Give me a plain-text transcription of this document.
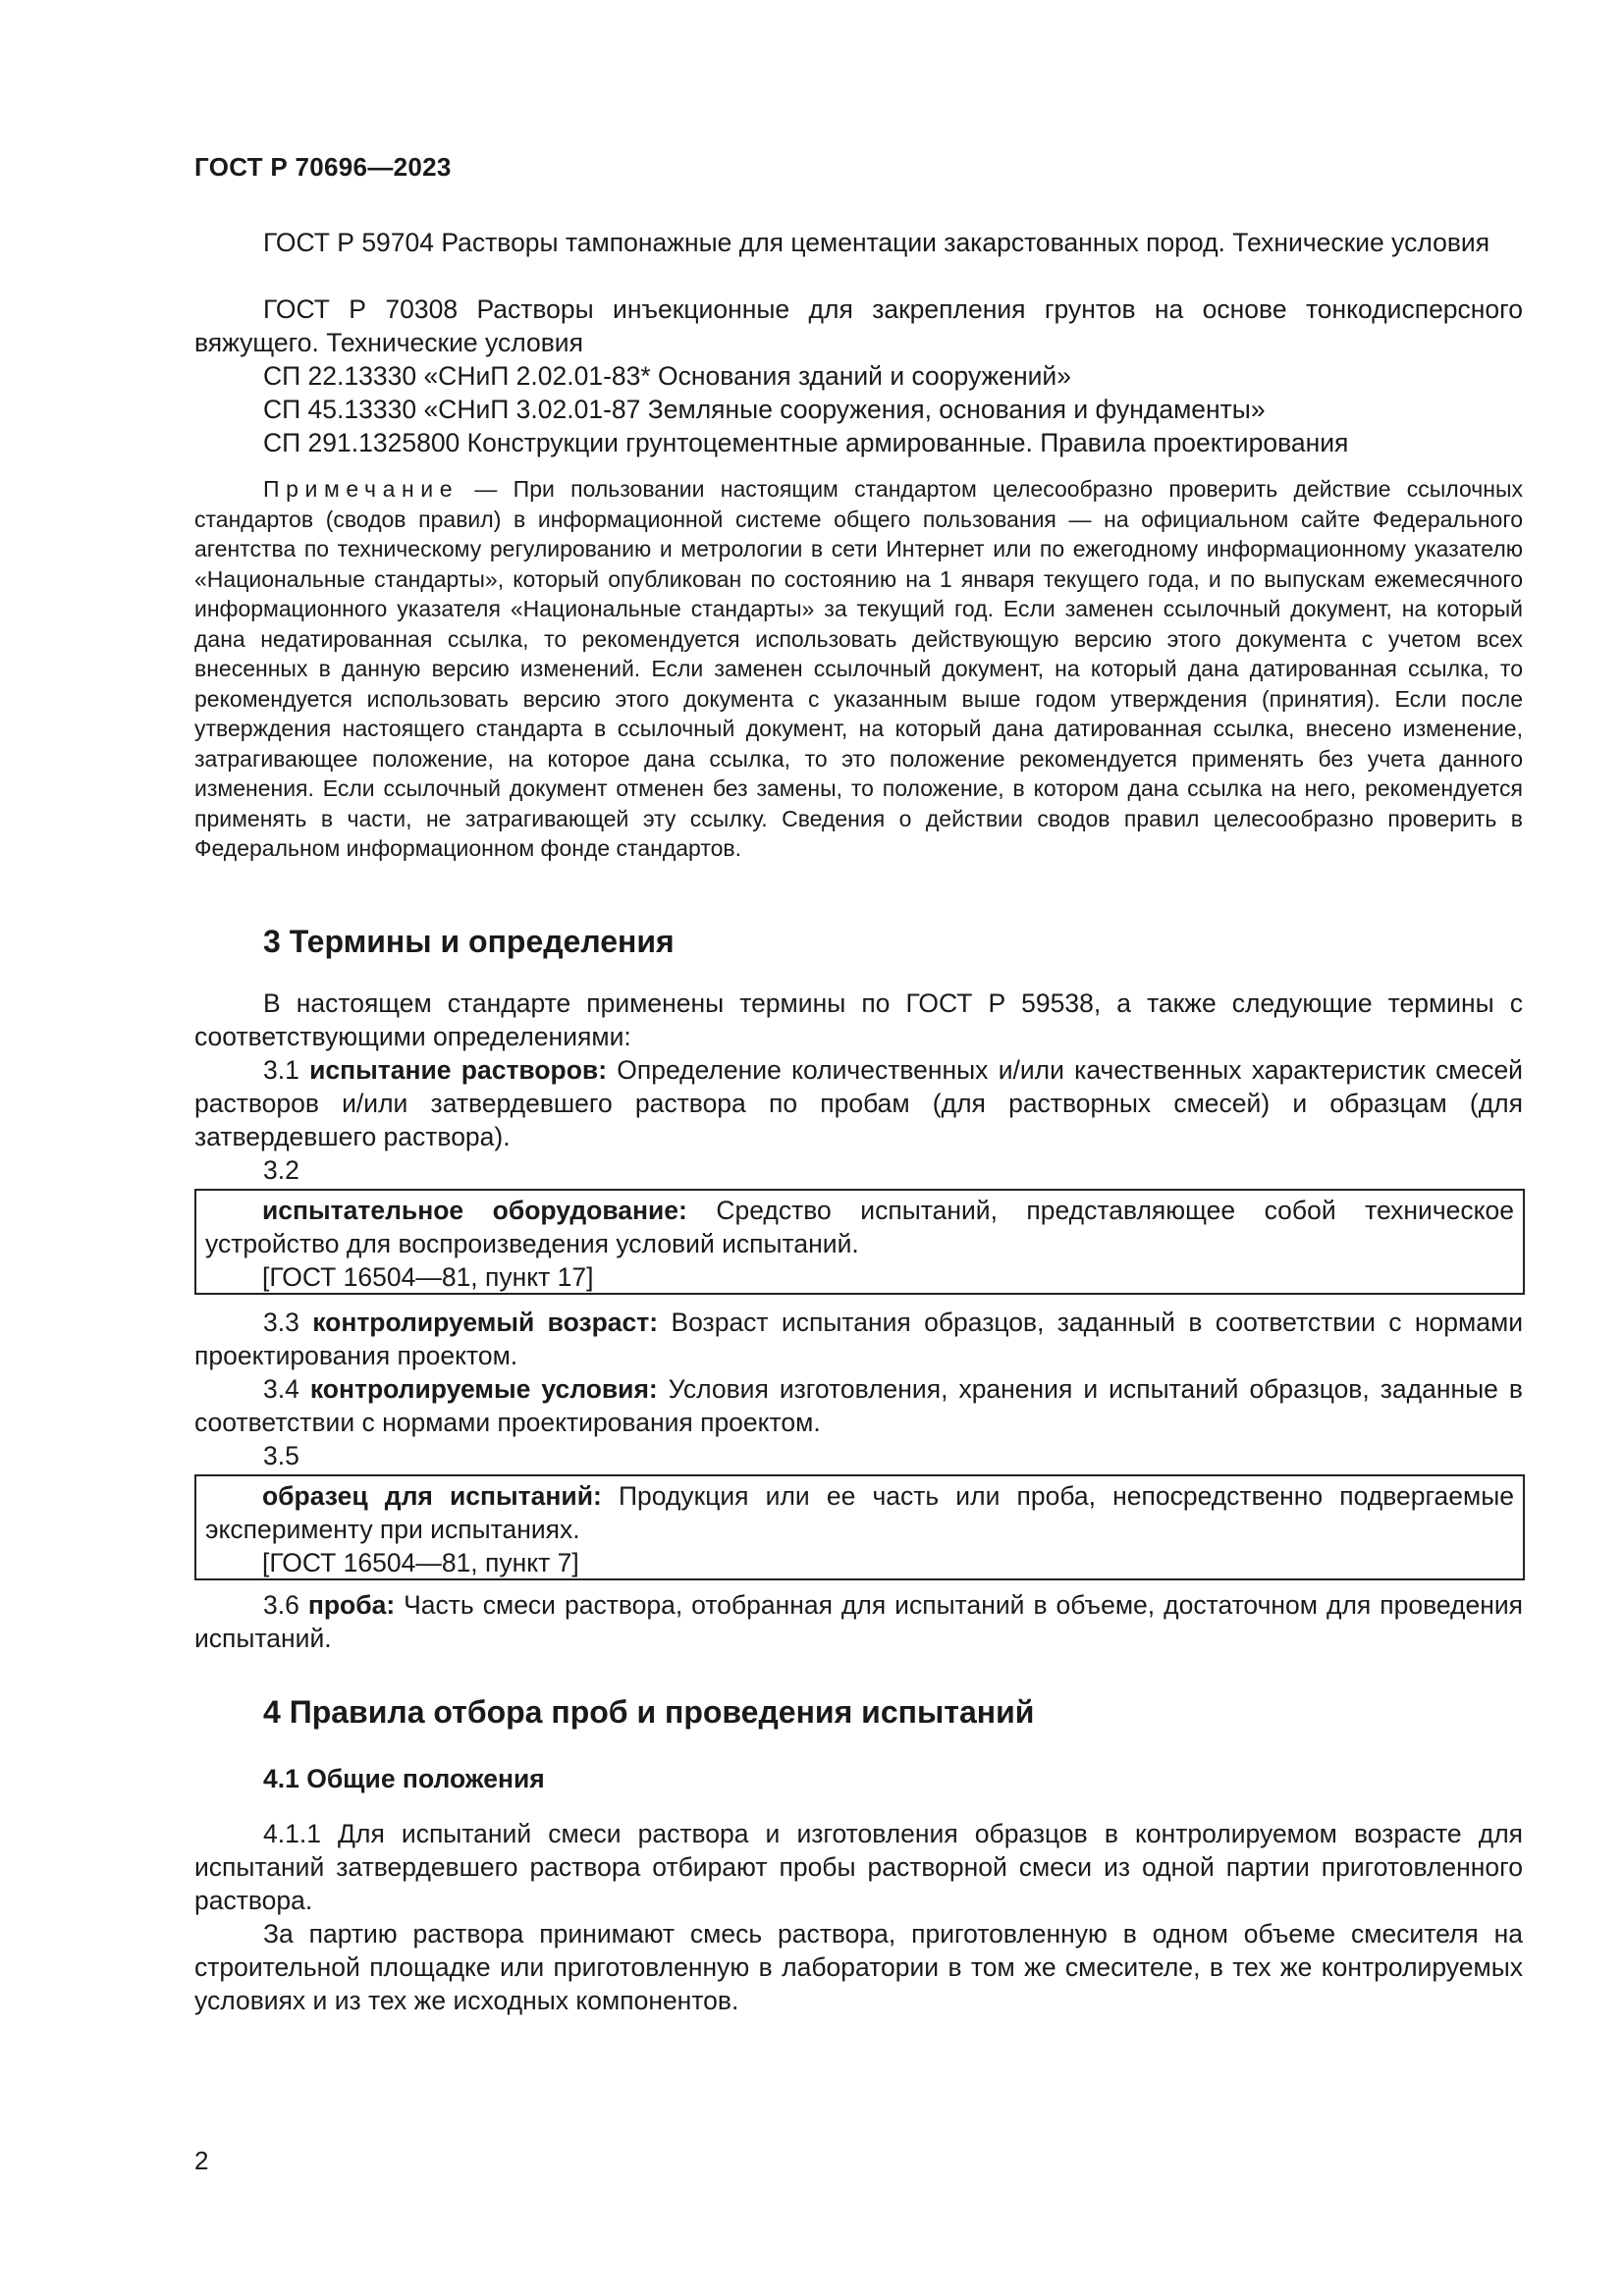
ГОСТ Р 70696—2023
ГОСТ Р 59704 Растворы тампонажные для цементации закарстованных пород. Технические условия
ГОСТ Р 70308 Растворы инъекционные для закрепления грунтов на основе тонкодисперсного вяжущего. Технические условия
СП 22.13330 «СНиП 2.02.01-83* Основания зданий и сооружений»
СП 45.13330 «СНиП 3.02.01-87 Земляные сооружения, основания и фундаменты»
СП 291.1325800 Конструкции грунтоцементные армированные. Правила проектирования
Примечание — При пользовании настоящим стандартом целесообразно проверить действие ссылочных стандартов (сводов правил) в информационной системе общего пользования — на официальном сайте Федерального агентства по техническому регулированию и метрологии в сети Интернет или по ежегодному информационному указателю «Национальные стандарты», который опубликован по состоянию на 1 января текущего года, и по выпускам ежемесячного информационного указателя «Национальные стандарты» за текущий год. Если заменен ссылочный документ, на который дана недатированная ссылка, то рекомендуется использовать действующую версию этого документа с учетом всех внесенных в данную версию изменений. Если заменен ссылочный документ, на который дана датированная ссылка, то рекомендуется использовать версию этого документа с указанным выше годом утверждения (принятия). Если после утверждения настоящего стандарта в ссылочный документ, на который дана датированная ссылка, внесено изменение, затрагивающее положение, на которое дана ссылка, то это положение рекомендуется применять без учета данного изменения. Если ссылочный документ отменен без замены, то положение, в котором дана ссылка на него, рекомендуется применять в части, не затрагивающей эту ссылку. Сведения о действии сводов правил целесообразно проверить в Федеральном информационном фонде стандартов.
3 Термины и определения
В настоящем стандарте применены термины по ГОСТ Р 59538, а также следующие термины с соответствующими определениями:
3.1 испытание растворов: Определение количественных и/или качественных характеристик смесей растворов и/или затвердевшего раствора по пробам (для растворных смесей) и образцам (для затвердевшего раствора).
3.2
испытательное оборудование: Средство испытаний, представляющее собой техническое устройство для воспроизведения условий испытаний.
[ГОСТ 16504—81, пункт 17]
3.3 контролируемый возраст: Возраст испытания образцов, заданный в соответствии с нормами проектирования проектом.
3.4 контролируемые условия: Условия изготовления, хранения и испытаний образцов, заданные в соответствии с нормами проектирования проектом.
3.5
образец для испытаний: Продукция или ее часть или проба, непосредственно подвергаемые эксперименту при испытаниях.
[ГОСТ 16504—81, пункт 7]
3.6 проба: Часть смеси раствора, отобранная для испытаний в объеме, достаточном для проведения испытаний.
4 Правила отбора проб и проведения испытаний
4.1 Общие положения
4.1.1 Для испытаний смеси раствора и изготовления образцов в контролируемом возрасте для испытаний затвердевшего раствора отбирают пробы растворной смеси из одной партии приготовленного раствора.
За партию раствора принимают смесь раствора, приготовленную в одном объеме смесителя на строительной площадке или приготовленную в лаборатории в том же смесителе, в тех же контролируемых условиях и из тех же исходных компонентов.
2
